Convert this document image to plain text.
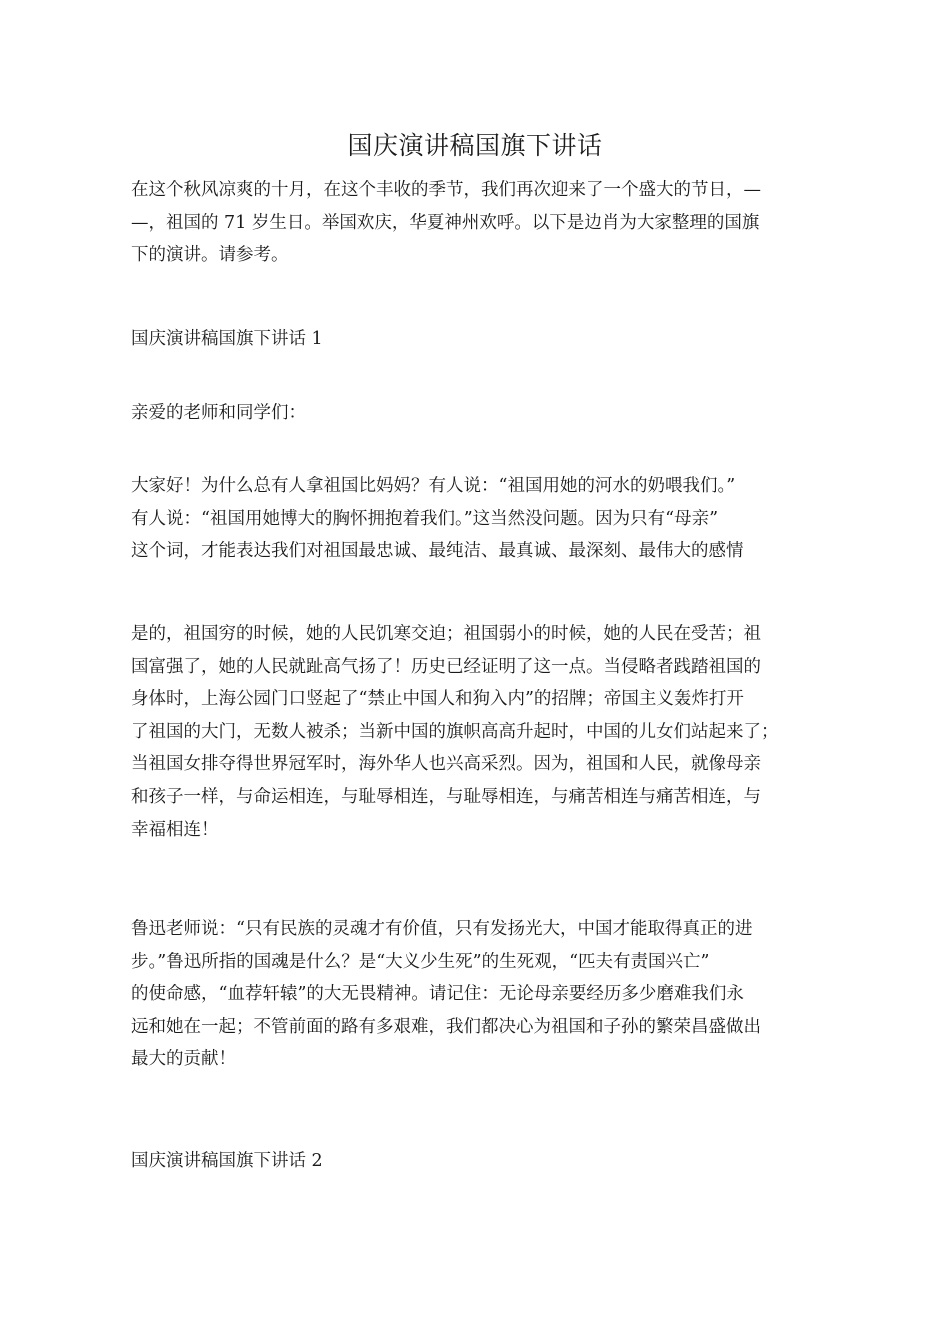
国庆演讲稿国旗下讲话
在这个秋风凉爽的十月，在这个丰收的季节，我们再次迎来了一个盛大的节日，—
—，祖国的 71 岁生日。举国欢庆，华夏神州欢呼。以下是边肖为大家整理的国旗
下的演讲。请参考。
国庆演讲稿国旗下讲话 1
亲爱的老师和同学们：
大家好！为什么总有人拿祖国比妈妈？有人说：“祖国用她的河水的奶喂我们。”
有人说：“祖国用她博大的胸怀拥抱着我们。”这当然没问题。因为只有“母亲”
这个词，才能表达我们对祖国最忠诚、最纯洁、最真诚、最深刻、最伟大的感情
是的，祖国穷的时候，她的人民饥寒交迫；祖国弱小的时候，她的人民在受苦；祖
国富强了，她的人民就趾高气扬了！历史已经证明了这一点。当侵略者践踏祖国的
身体时，上海公园门口竖起了“禁止中国人和狗入内”的招牌；帝国主义轰炸打开
了祖国的大门，无数人被杀；当新中国的旗帜高高升起时，中国的儿女们站起来了；
当祖国女排夺得世界冠军时，海外华人也兴高采烈。因为，祖国和人民，就像母亲
和孩子一样，与命运相连，与耻辱相连，与耻辱相连，与痛苦相连与痛苦相连，与
幸福相连！
鲁迅老师说：“只有民族的灵魂才有价值，只有发扬光大，中国才能取得真正的进
步。”鲁迅所指的国魂是什么？是“大义少生死”的生死观，“匹夫有责国兴亡”
的使命感，“血荐轩辕”的大无畏精神。请记住：无论母亲要经历多少磨难我们永
远和她在一起；不管前面的路有多艰难，我们都决心为祖国和子孙的繁荣昌盛做出
最大的贡献！
国庆演讲稿国旗下讲话 2
